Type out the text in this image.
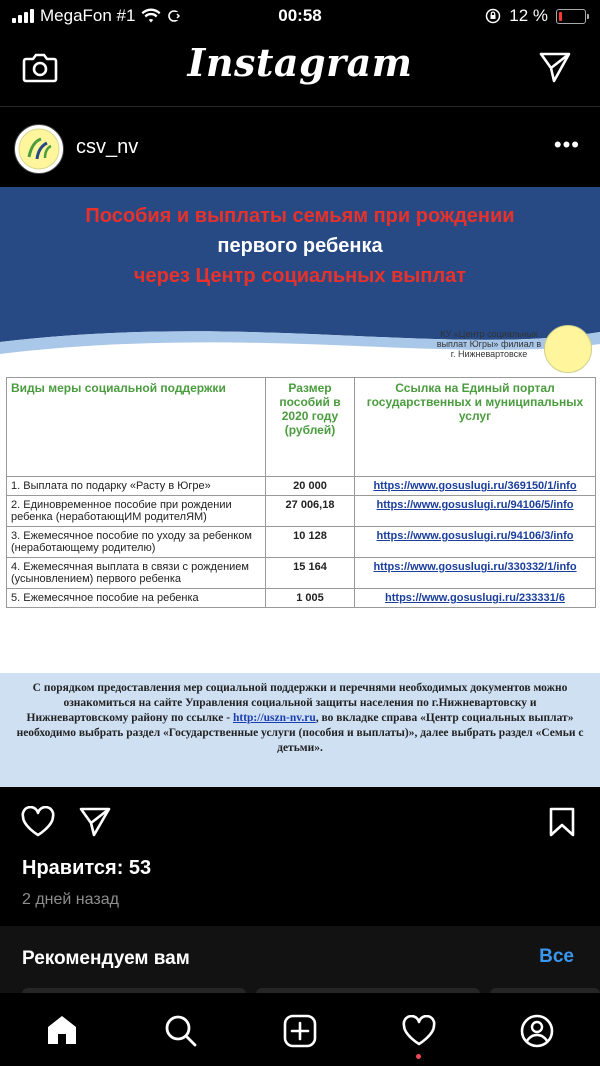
MegaFon #1	00:58	12 %
Instagram
csv_nv	•••
Пособия и выплаты семьям при рождении
первого ребенка
через Центр социальных выплат
КУ «Центр социальных выплат Югры» филиал в г. Нижневартовске
Виды меры социальной поддержки	Размер пособий в 2020 году (рублей)	Ссылка на Единый портал государственных и муниципальных услуг
1. Выплата по подарку «Расту в Югре»	20 000	https://www.gosuslugi.ru/369150/1/info
2. Единовременное пособие при рождении ребенка (неработающИМ родителЯМ)	27 006,18	https://www.gosuslugi.ru/94106/5/info
3. Ежемесячное пособие по уходу за ребенком (неработающему родителю)	10 128	https://www.gosuslugi.ru/94106/3/info
4. Ежемесячная выплата в связи с рождением (усыновлением) первого ребенка	15 164	https://www.gosuslugi.ru/330332/1/info
5. Ежемесячное пособие на ребенка	1 005	https://www.gosuslugi.ru/233331/6

С порядком предоставления мер социальной поддержки и перечнями необходимых документов можно ознакомиться на сайте Управления социальной защиты населения по г.Нижневартовску и Нижневартовскому району по ссылке - http://uszn-nv.ru, во вкладке справа «Центр социальных выплат» необходимо выбрать раздел «Государственные услуги (пособия и выплаты)», далее выбрать раздел «Семьи с детьми».

Нравится: 53
2 дней назад
Рекомендуем вам	Все
